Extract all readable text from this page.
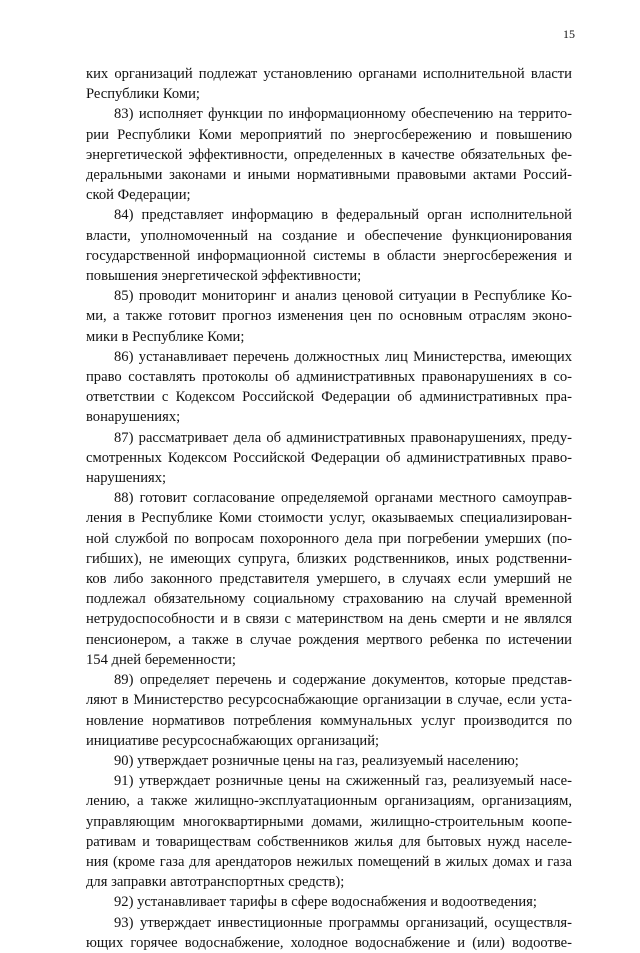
15
ких организаций подлежат установлению органами исполнительной власти
Республики Коми;
83) исполняет функции по информационному обеспечению на террито-
рии Республики Коми мероприятий по энергосбережению и повышению
энергетической эффективности, определенных в качестве обязательных фе-
деральными законами и иными нормативными правовыми актами Россий-
ской Федерации;
84) представляет информацию в федеральный орган исполнительной
власти, уполномоченный на создание и обеспечение функционирования
государственной информационной системы в области энергосбережения и
повышения энергетической эффективности;
85) проводит мониторинг и анализ ценовой ситуации в Республике Ко-
ми, а также готовит прогноз изменения цен по основным отраслям эконо-
мики в Республике Коми;
86) устанавливает перечень должностных лиц Министерства, имеющих
право составлять протоколы об административных правонарушениях в со-
ответствии с Кодексом Российской Федерации об административных пра-
вонарушениях;
87) рассматривает дела об административных правонарушениях, преду-
смотренных Кодексом Российской Федерации об административных право-
нарушениях;
88) готовит согласование определяемой органами местного самоуправ-
ления в Республике Коми стоимости услуг, оказываемых специализирован-
ной службой по вопросам похоронного дела при погребении умерших (по-
гибших), не имеющих супруга, близких родственников, иных родственни-
ков либо законного представителя умершего, в случаях если умерший не
подлежал обязательному социальному страхованию на случай временной
нетрудоспособности и в связи с материнством на день смерти и не являлся
пенсионером, а также в случае рождения мертвого ребенка по истечении
154 дней беременности;
89) определяет перечень и содержание документов, которые представ-
ляют в Министерство ресурсоснабжающие организации в случае, если уста-
новление нормативов потребления коммунальных услуг производится по
инициативе ресурсоснабжающих организаций;
90) утверждает розничные цены на газ, реализуемый населению;
91) утверждает розничные цены на сжиженный газ, реализуемый насе-
лению, а также жилищно-эксплуатационным организациям, организациям,
управляющим многоквартирными домами, жилищно-строительным коопе-
ративам и товариществам собственников жилья для бытовых нужд населе-
ния (кроме газа для арендаторов нежилых помещений в жилых домах и газа
для заправки автотранспортных средств);
92) устанавливает тарифы в сфере водоснабжения и водоотведения;
93) утверждает инвестиционные программы организаций, осуществля-
ющих горячее водоснабжение, холодное водоснабжение и (или) водоотве-
